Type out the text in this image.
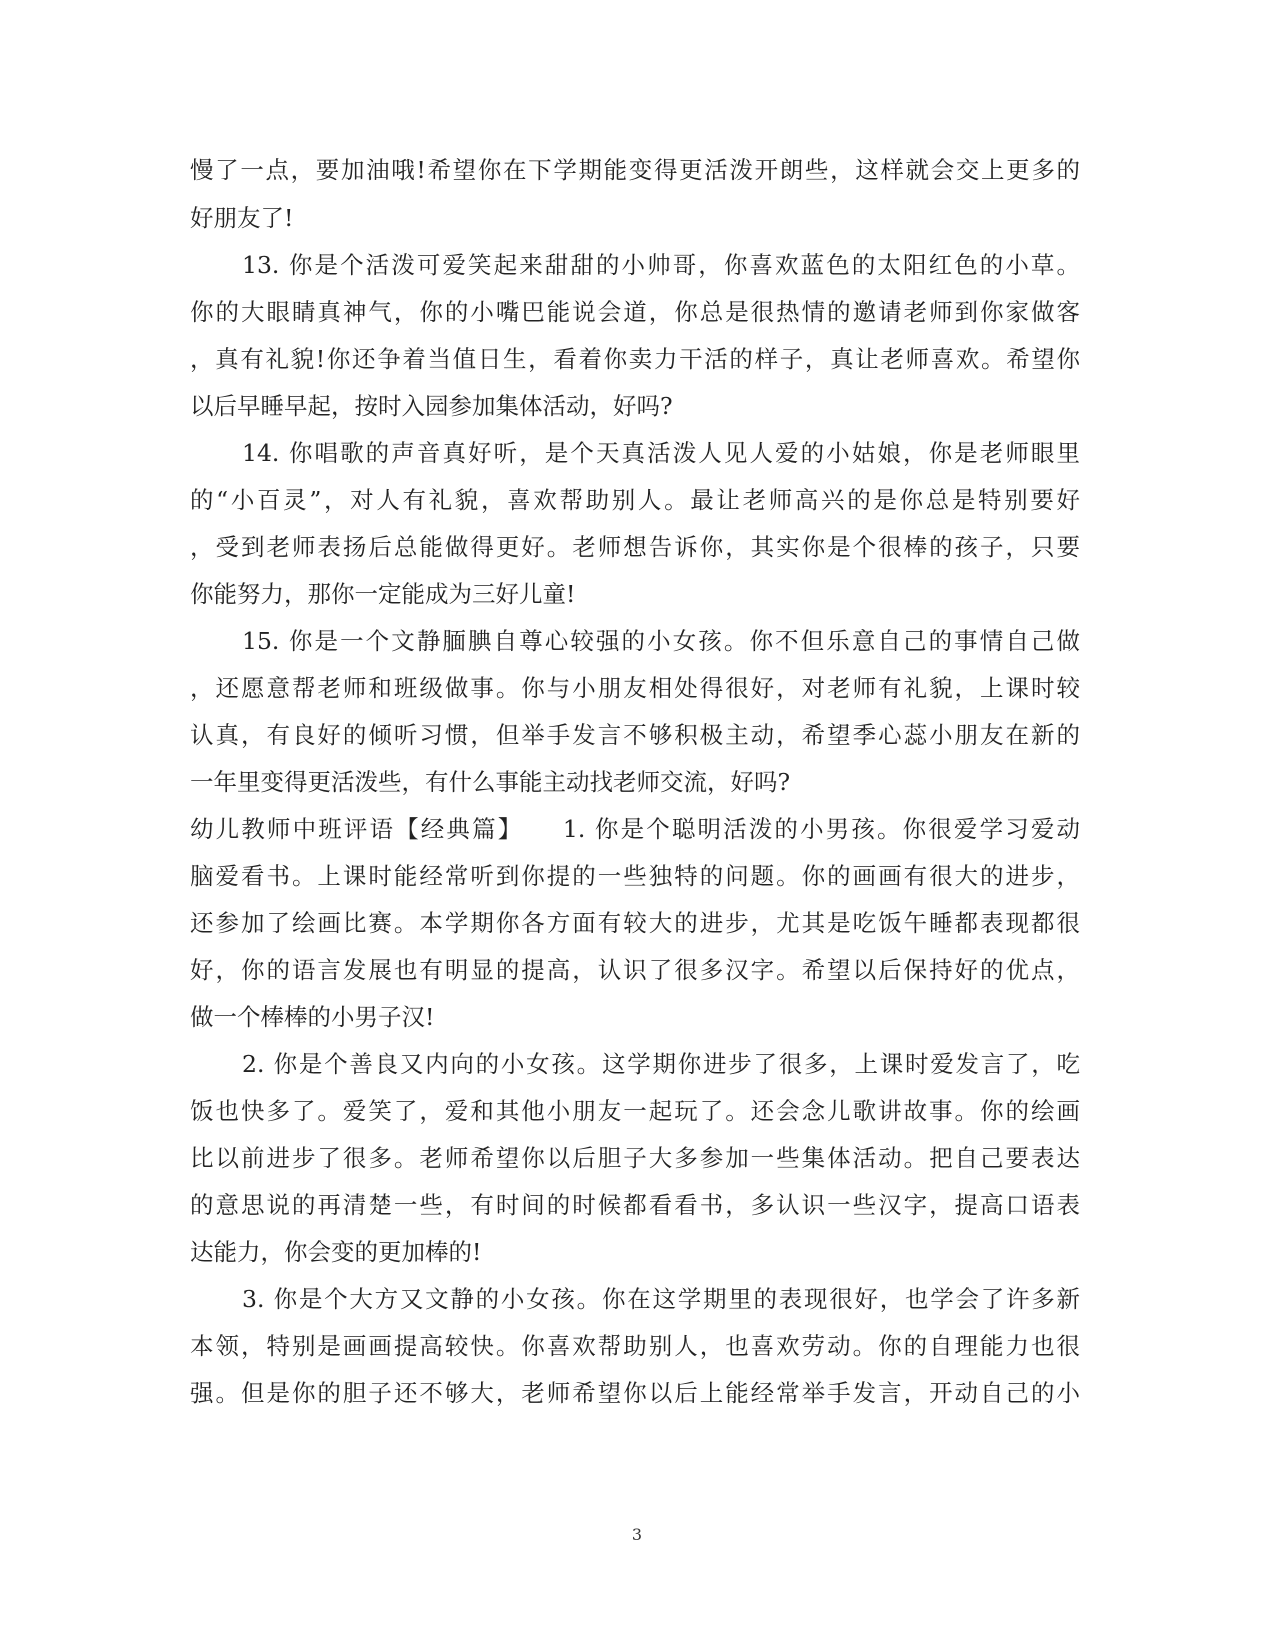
慢了一点，要加油哦!希望你在下学期能变得更活泼开朗些，这样就会交上更多的
好朋友了!
13. 你是个活泼可爱笑起来甜甜的小帅哥，你喜欢蓝色的太阳红色的小草。
你的大眼睛真神气，你的小嘴巴能说会道，你总是很热情的邀请老师到你家做客
，真有礼貌!你还争着当值日生，看着你卖力干活的样子，真让老师喜欢。希望你
以后早睡早起，按时入园参加集体活动，好吗?
14. 你唱歌的声音真好听，是个天真活泼人见人爱的小姑娘，你是老师眼里
的“小百灵”，对人有礼貌，喜欢帮助别人。最让老师高兴的是你总是特别要好
，受到老师表扬后总能做得更好。老师想告诉你，其实你是个很棒的孩子，只要
你能努力，那你一定能成为三好儿童!
15. 你是一个文静腼腆自尊心较强的小女孩。你不但乐意自己的事情自己做
，还愿意帮老师和班级做事。你与小朋友相处得很好，对老师有礼貌，上课时较
认真，有良好的倾听习惯，但举手发言不够积极主动，希望季心蕊小朋友在新的
一年里变得更活泼些，有什么事能主动找老师交流，好吗?
幼儿教师中班评语【经典篇】　　1. 你是个聪明活泼的小男孩。你很爱学习爱动
脑爱看书。上课时能经常听到你提的一些独特的问题。你的画画有很大的进步，
还参加了绘画比赛。本学期你各方面有较大的进步，尤其是吃饭午睡都表现都很
好，你的语言发展也有明显的提高，认识了很多汉字。希望以后保持好的优点，
做一个棒棒的小男子汉!
2. 你是个善良又内向的小女孩。这学期你进步了很多，上课时爱发言了，吃
饭也快多了。爱笑了，爱和其他小朋友一起玩了。还会念儿歌讲故事。你的绘画
比以前进步了很多。老师希望你以后胆子大多参加一些集体活动。把自己要表达
的意思说的再清楚一些，有时间的时候都看看书，多认识一些汉字，提高口语表
达能力，你会变的更加棒的!
3. 你是个大方又文静的小女孩。你在这学期里的表现很好，也学会了许多新
本领，特别是画画提高较快。你喜欢帮助别人，也喜欢劳动。你的自理能力也很
强。但是你的胆子还不够大，老师希望你以后上能经常举手发言，开动自己的小
3
